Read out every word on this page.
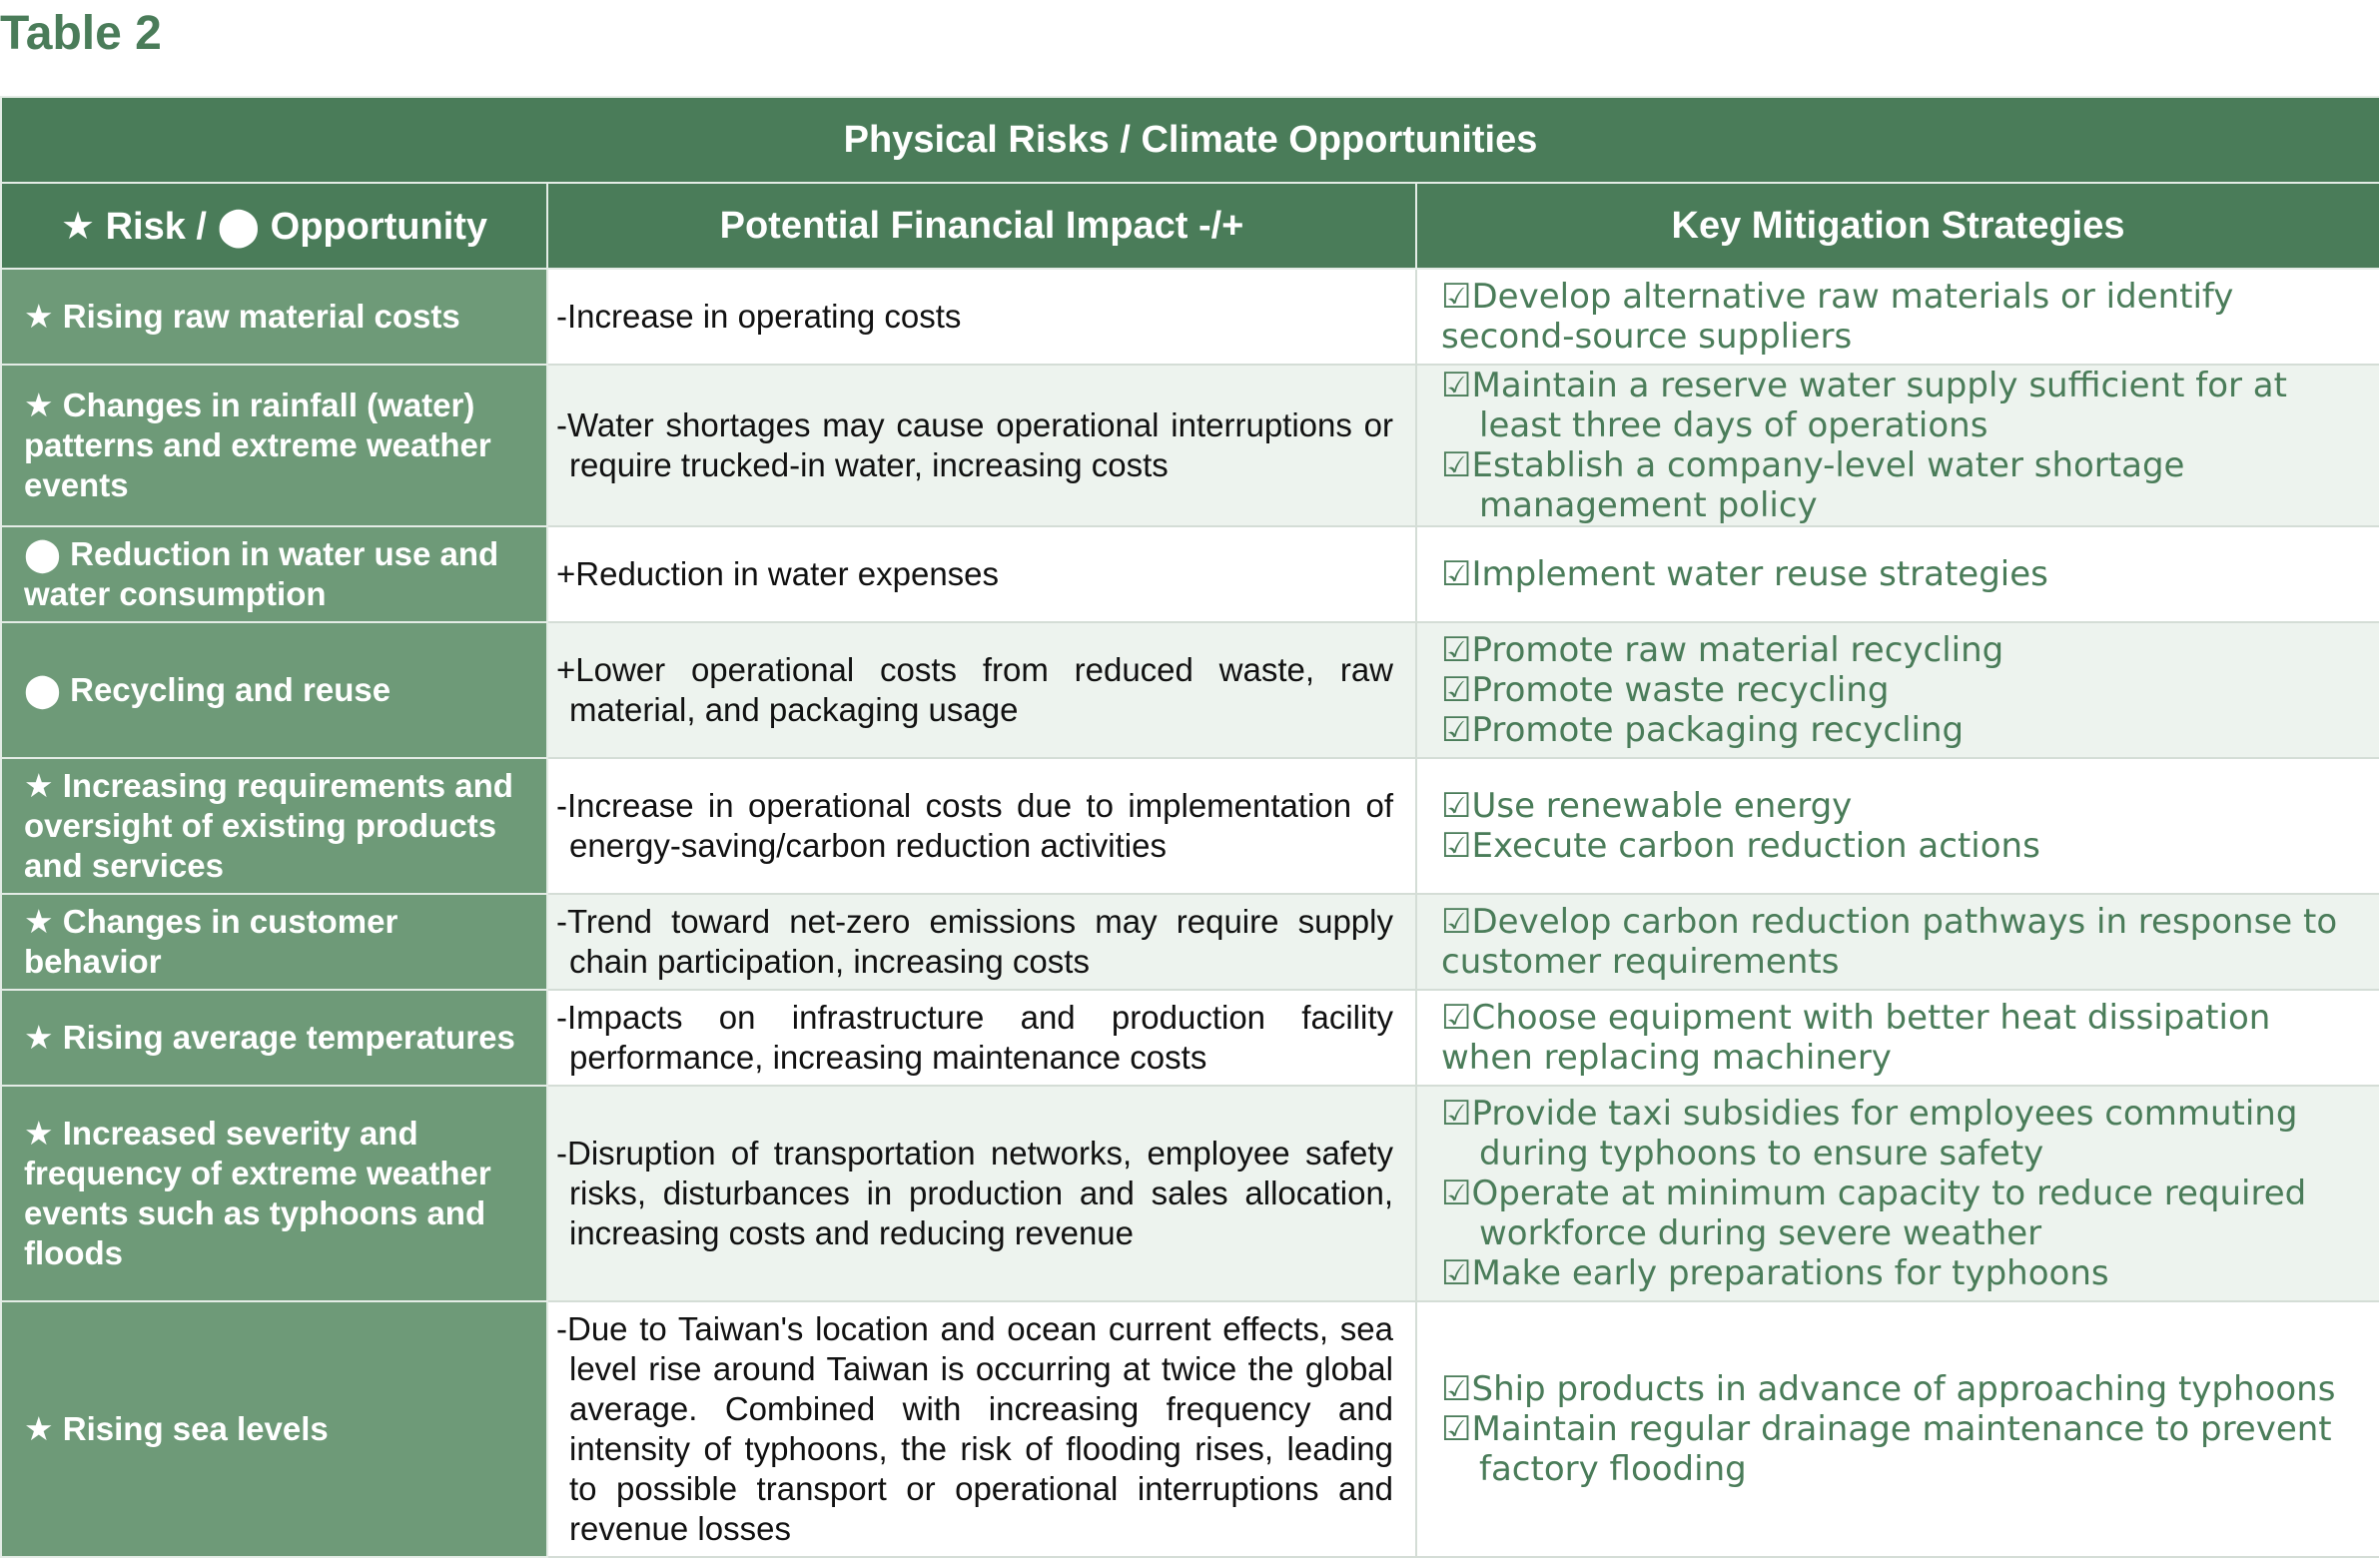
Table 2
Physical Risks / Climate Opportunities		
★ Risk / ⬤ Opportunity	Potential Financial Impact -/+	Key Mitigation Strategies
★ Rising raw material costs	-Increase in operating costs	☑Develop alternative raw materials or identify second-source suppliers

★ Changes in rainfall (water) patterns and extreme weather events	-Water shortages may cause operational interruptions or require trucked-in water, increasing costs	☑Maintain a reserve water supply sufficient for at least three days of operations
☑Establish a company-level water shortage management policy

⬤ Reduction in water use and water consumption	+Reduction in water expenses	☑Implement water reuse strategies

⬤ Recycling and reuse	+Lower operational costs from reduced waste, raw material, and packaging usage	☑Promote raw material recycling
☑Promote waste recycling
☑Promote packaging recycling

★ Increasing requirements and oversight of existing products and services	-Increase in operational costs due to implementation of energy-saving/carbon reduction activities	☑Use renewable energy
☑Execute carbon reduction actions

★ Changes in customer behavior	-Trend toward net-zero emissions may require supply chain participation, increasing costs	☑Develop carbon reduction pathways in response to customer requirements

★ Rising average temperatures	-Impacts on infrastructure and production facility performance, increasing maintenance costs	☑Choose equipment with better heat dissipation when replacing machinery

★ Increased severity and frequency of extreme weather events such as typhoons and floods	-Disruption of transportation networks, employee safety risks, disturbances in production and sales allocation, increasing costs and reducing revenue	☑Provide taxi subsidies for employees commuting during typhoons to ensure safety
☑Operate at minimum capacity to reduce required workforce during severe weather
☑Make early preparations for typhoons

★ Rising sea levels	-Due to Taiwan's location and ocean current effects, sea level rise around Taiwan is occurring at twice the global average. Combined with increasing frequency and intensity of typhoons, the risk of flooding rises, leading to possible transport or operational interruptions and revenue losses	☑Ship products in advance of approaching typhoons
☑Maintain regular drainage maintenance to prevent factory flooding
